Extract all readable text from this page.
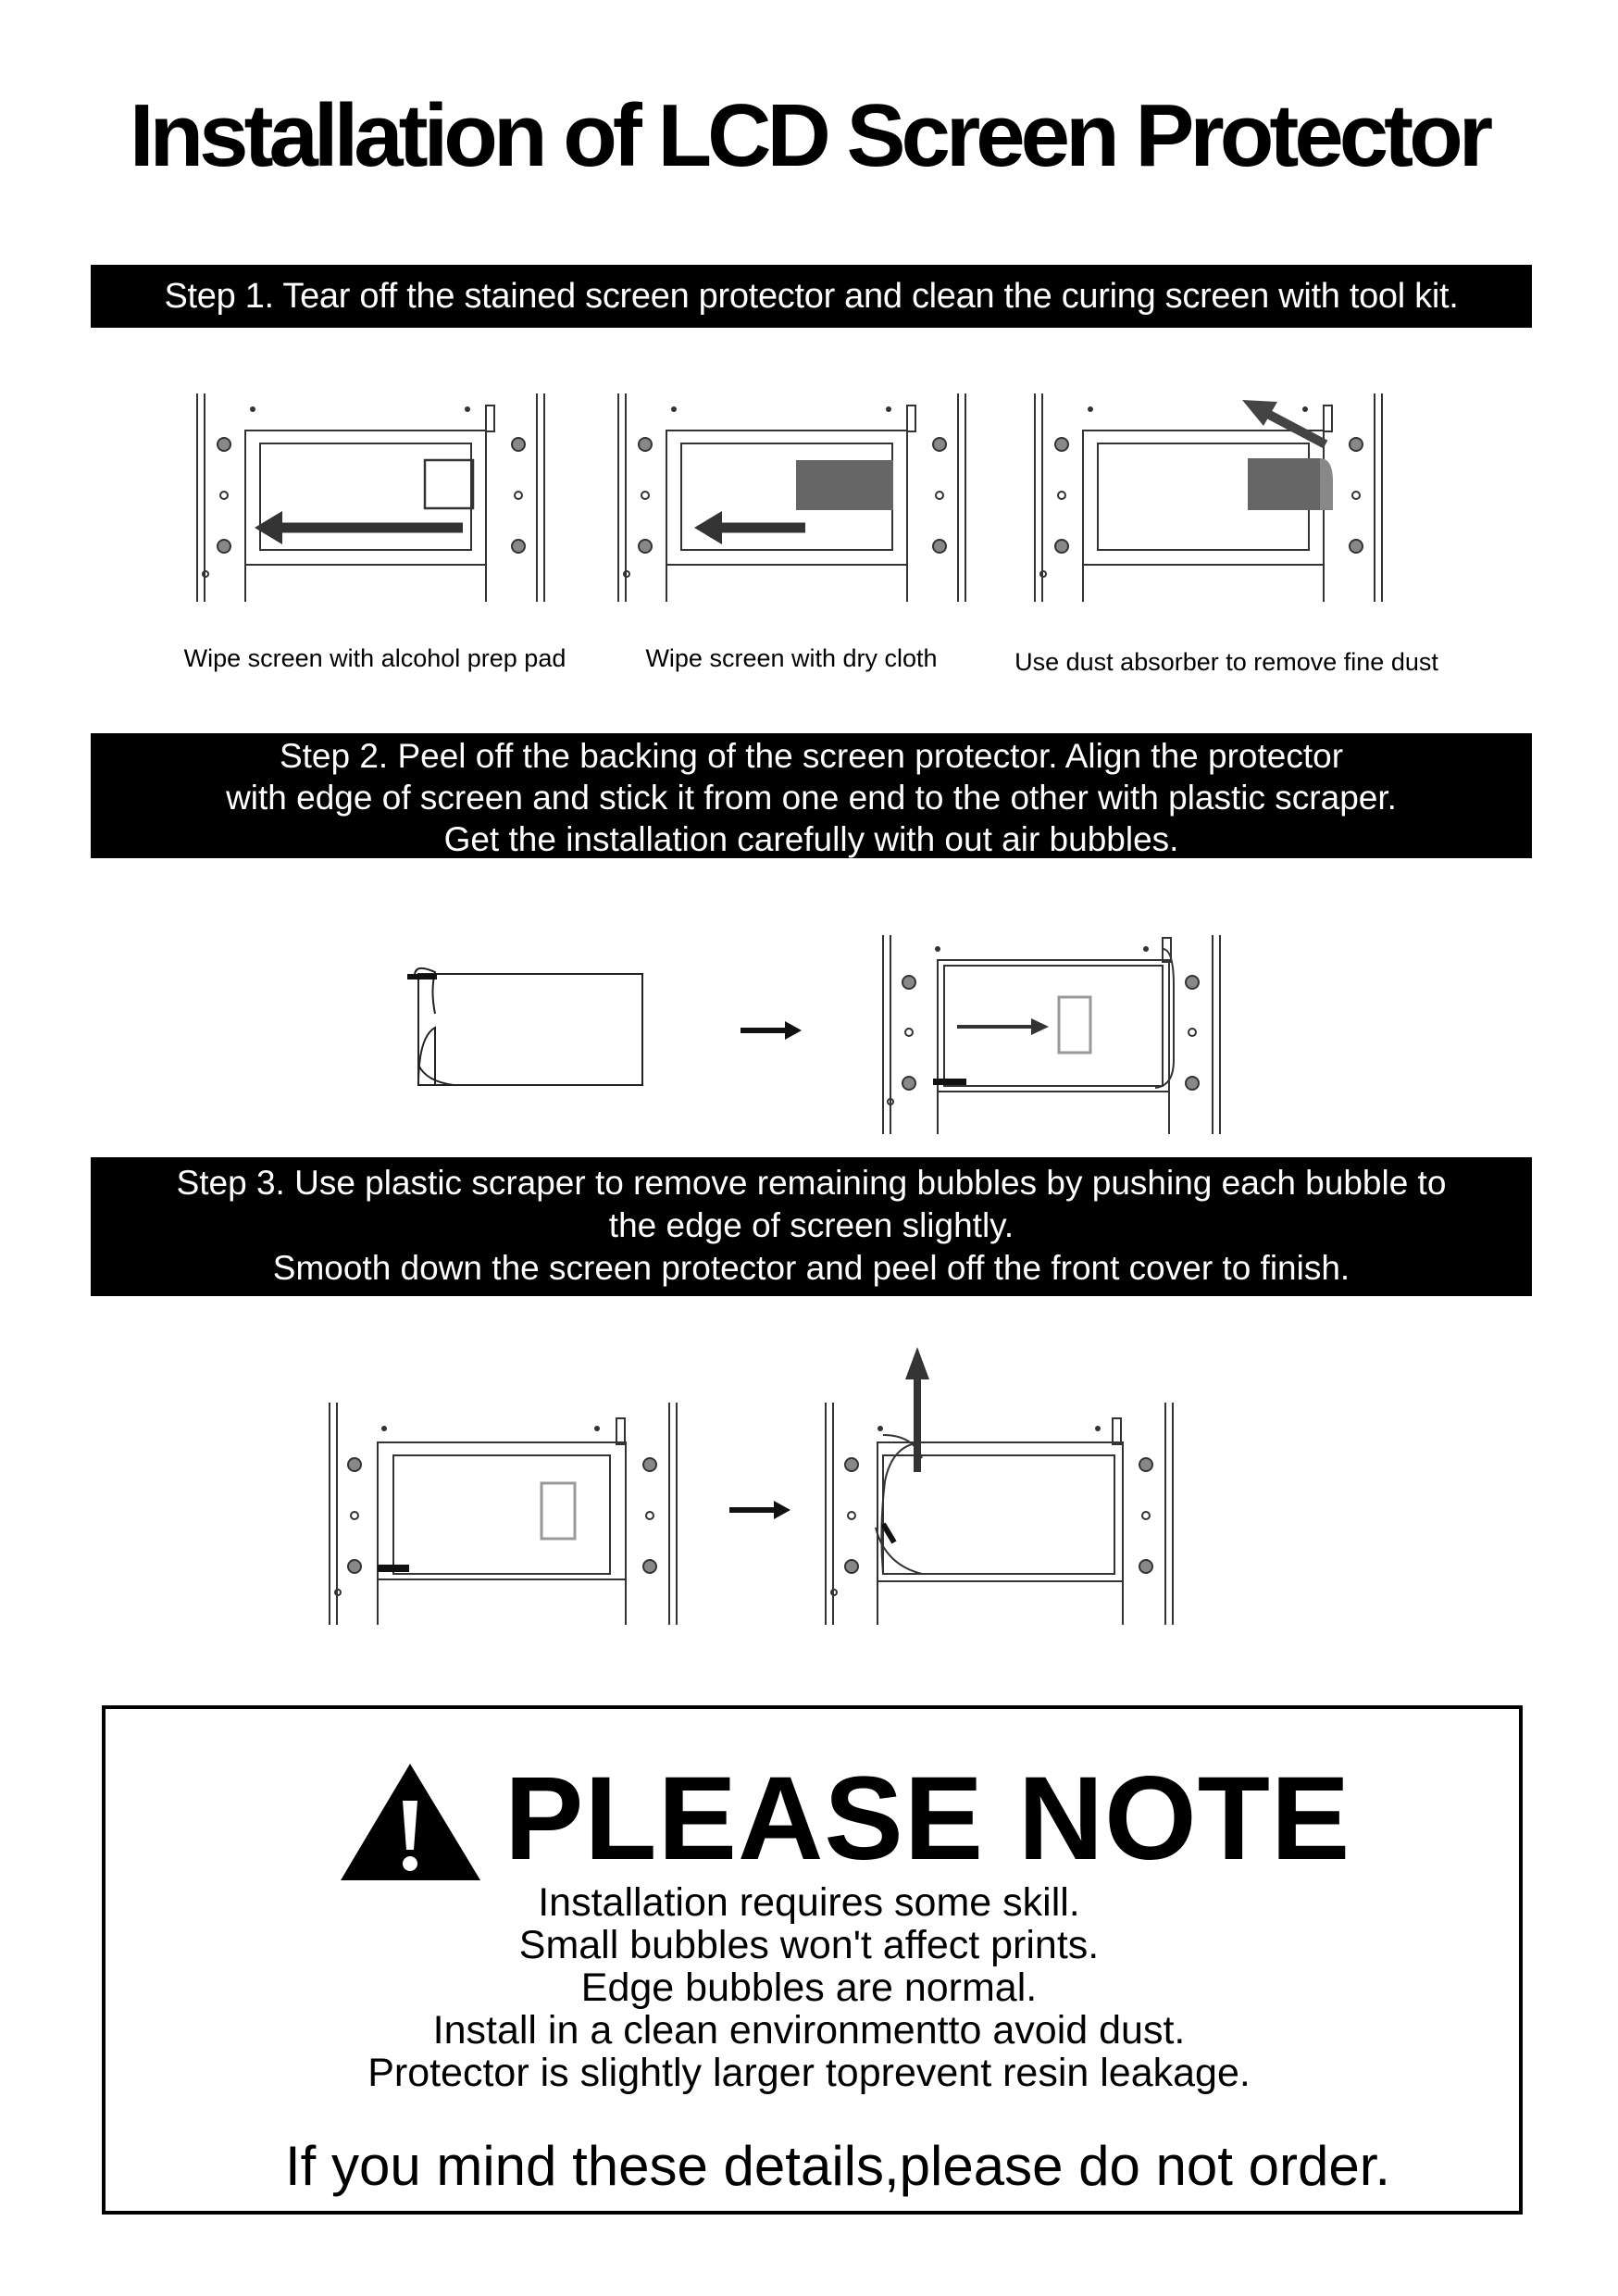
Installation of LCD Screen Protector
Step 1. Tear off the stained screen protector and clean the curing screen with tool kit.
Wipe screen with alcohol prep pad	Wipe screen with dry cloth	Use dust absorber to remove fine dust
Step 2. Peel off the backing of the screen protector. Align the protector
with edge of screen and stick it from one end to the other with plastic scraper.
Get the installation carefully with out air bubbles.
Step 3. Use plastic scraper to remove remaining bubbles by pushing each bubble to
the edge of screen slightly.
Smooth down the screen protector and peel off the front cover to finish.
PLEASE NOTE
Installation requires some skill.
Small bubbles won't affect prints.
Edge bubbles are normal.
Install in a clean environmentto avoid dust.
Protector is slightly larger toprevent resin leakage.
If you mind these details,please do not order.
